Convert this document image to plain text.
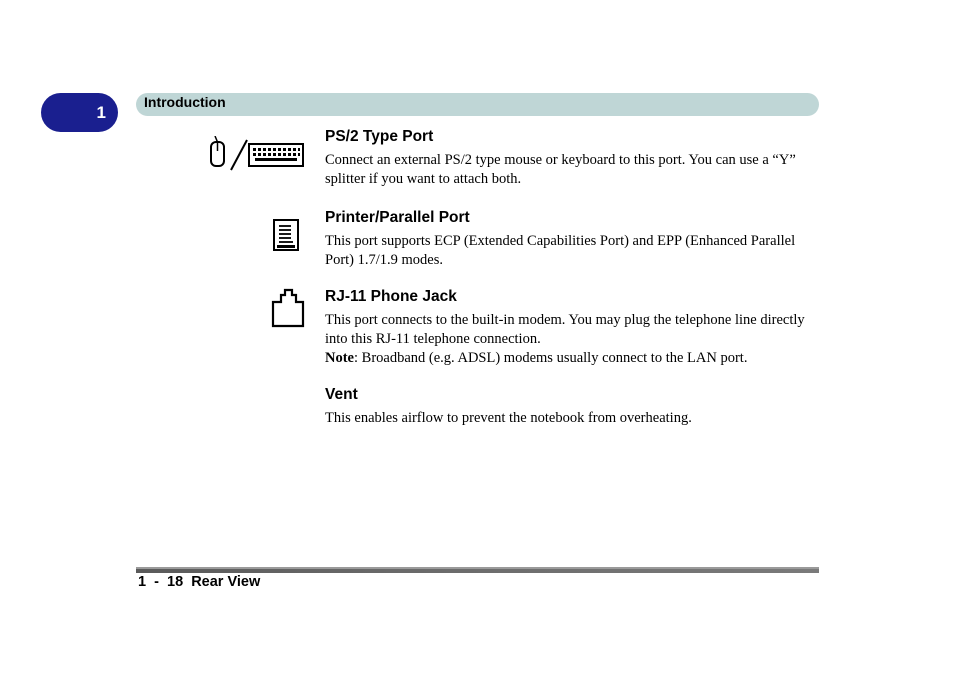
1
Introduction
PS/2 Type Port

Connect an external PS/2 type mouse or keyboard to this port. You can use a “Y” splitter if you want to attach both.

Printer/Parallel Port

This port supports ECP (Extended Capabilities Port) and EPP (Enhanced Parallel Port) 1.7/1.9 modes.

RJ-11 Phone Jack

This port connects to the built-in modem. You may plug the telephone line directly into this RJ-11 telephone connection.

Note: Broadband (e.g. ADSL) modems usually connect to the LAN port.

Vent

This enables airflow to prevent the notebook from overheating.

1  -  18  Rear View
